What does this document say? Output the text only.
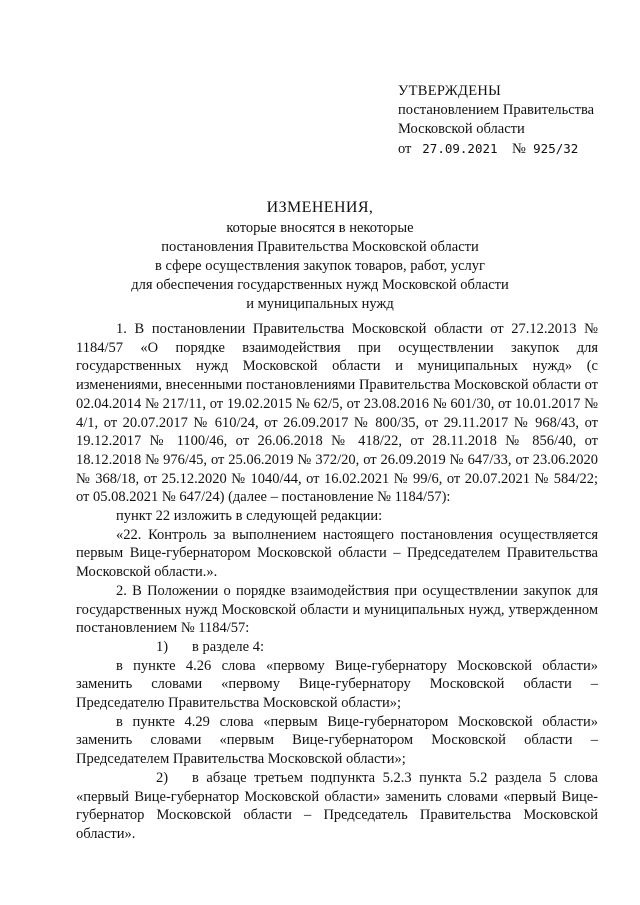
УТВЕРЖДЕНЫ
постановлением Правительства
Московской области
от 27.09.2021 № 925/32
ИЗМЕНЕНИЯ,
которые вносятся в некоторые
постановления Правительства Московской области
в сфере осуществления закупок товаров, работ, услуг
для обеспечения государственных нужд Московской области
и муниципальных нужд

1. В постановлении Правительства Московской области от 27.12.2013 № 1184/57 «О порядке взаимодействия при осуществлении закупок для государственных нужд Московской области и муниципальных нужд» (с изменениями, внесенными постановлениями Правительства Московской области от 02.04.2014 № 217/11, от 19.02.2015 № 62/5, от 23.08.2016 № 601/30, от 10.01.2017 № 4/1, от 20.07.2017 № 610/24, от 26.09.2017 № 800/35, от 29.11.2017 № 968/43, от 19.12.2017 № 1100/46, от 26.06.2018 № 418/22, от 28.11.2018 № 856/40, от 18.12.2018 № 976/45, от 25.06.2019 № 372/20, от 26.09.2019 № 647/33, от 23.06.2020 № 368/18, от 25.12.2020 № 1040/44, от 16.02.2021 № 99/6, от 20.07.2021 № 584/22; от 05.08.2021 № 647/24) (далее – постановление № 1184/57):

пункт 22 изложить в следующей редакции:

«22. Контроль за выполнением настоящего постановления осуществляется первым Вице-губернатором Московской области – Председателем Правительства Московской области.».

2. В Положении о порядке взаимодействия при осуществлении закупок для государственных нужд Московской области и муниципальных нужд, утвержденном постановлением № 1184/57:

1) в разделе 4:

в пункте 4.26 слова «первому Вице-губернатору Московской области» заменить словами «первому Вице-губернатору Московской области – Председателю Правительства Московской области»;

в пункте 4.29 слова «первым Вице-губернатором Московской области» заменить словами «первым Вице-губернатором Московской области – Председателем Правительства Московской области»;

2) в абзаце третьем подпункта 5.2.3 пункта 5.2 раздела 5 слова «первый Вице-губернатор Московской области» заменить словами «первый Вице-губернатор Московской области – Председатель Правительства Московской области».
